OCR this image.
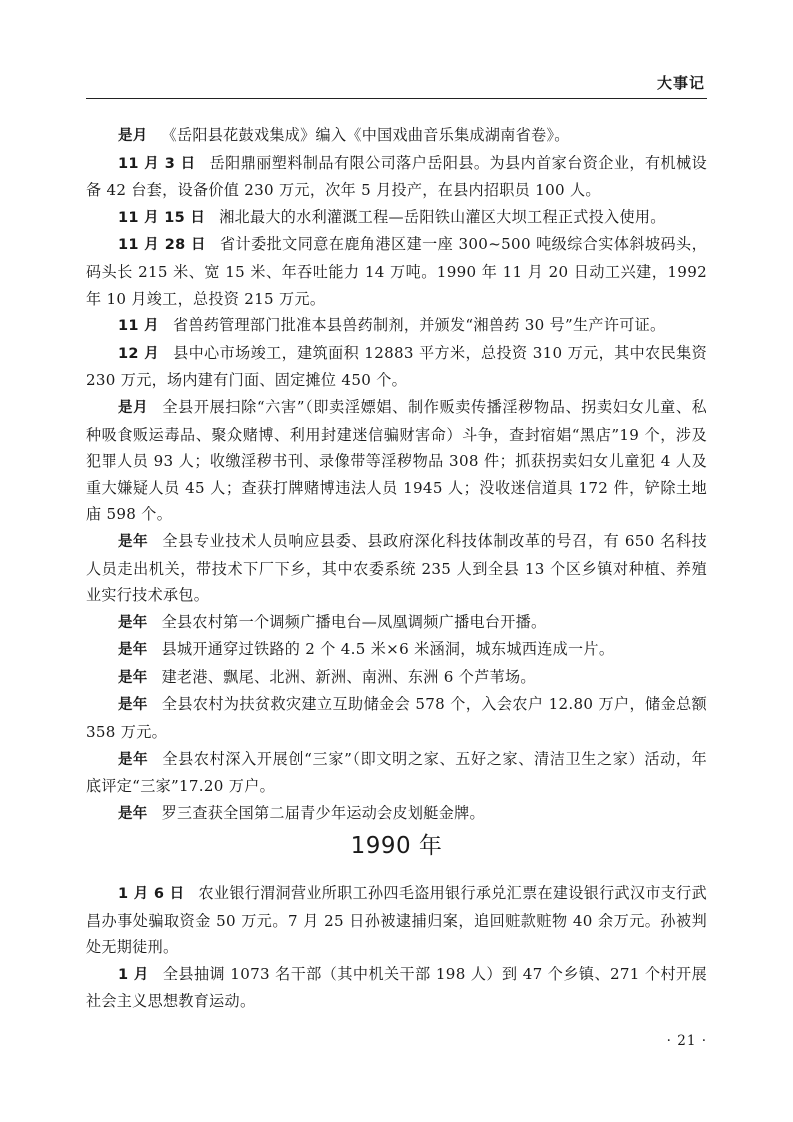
大事记

是月 《岳阳县花鼓戏集成》编入《中国戏曲音乐集成湖南省卷》。

11 月 3 日 岳阳鼎丽塑料制品有限公司落户岳阳县。为县内首家台资企业，有机械设备 42 台套，设备价值 230 万元，次年 5 月投产，在县内招职员 100 人。

11 月 15 日 湘北最大的水利灌溉工程—岳阳铁山灌区大坝工程正式投入使用。

11 月 28 日 省计委批文同意在鹿角港区建一座 300~500 吨级综合实体斜坡码头，码头长 215 米、宽 15 米、年吞吐能力 14 万吨。1990 年 11 月 20 日动工兴建，1992 年 10 月竣工，总投资 215 万元。

11 月 省兽药管理部门批准本县兽药制剂，并颁发“湘兽药 30 号”生产许可证。

12 月 县中心市场竣工，建筑面积 12883 平方米，总投资 310 万元，其中农民集资 230 万元，场内建有门面、固定摊位 450 个。

是月 全县开展扫除“六害”（即卖淫嫖娼、制作贩卖传播淫秽物品、拐卖妇女儿童、私种吸食贩运毒品、聚众赌博、利用封建迷信骗财害命）斗争，查封宿娼“黑店”19 个，涉及犯罪人员 93 人；收缴淫秽书刊、录像带等淫秽物品 308 件；抓获拐卖妇女儿童犯 4 人及重大嫌疑人员 45 人；查获打牌赌博违法人员 1945 人；没收迷信道具 172 件，铲除土地庙 598 个。

是年 全县专业技术人员响应县委、县政府深化科技体制改革的号召，有 650 名科技人员走出机关，带技术下厂下乡，其中农委系统 235 人到全县 13 个区乡镇对种植、养殖业实行技术承包。

是年 全县农村第一个调频广播电台—凤凰调频广播电台开播。

是年 县城开通穿过铁路的 2 个 4.5 米×6 米涵洞，城东城西连成一片。

是年 建老港、飘尾、北洲、新洲、南洲、东洲 6 个芦苇场。

是年 全县农村为扶贫救灾建立互助储金会 578 个，入会农户 12.80 万户，储金总额 358 万元。

是年 全县农村深入开展创“三家”（即文明之家、五好之家、清洁卫生之家）活动，年底评定“三家”17.20 万户。

是年 罗三查获全国第二届青少年运动会皮划艇金牌。

1990 年

1 月 6 日 农业银行渭洞营业所职工孙四毛盗用银行承兑汇票在建设银行武汉市支行武昌办事处骗取资金 50 万元。7 月 25 日孙被逮捕归案，追回赃款赃物 40 余万元。孙被判处无期徒刑。

1 月 全县抽调 1073 名干部（其中机关干部 198 人）到 47 个乡镇、271 个村开展社会主义思想教育运动。

· 21 ·
